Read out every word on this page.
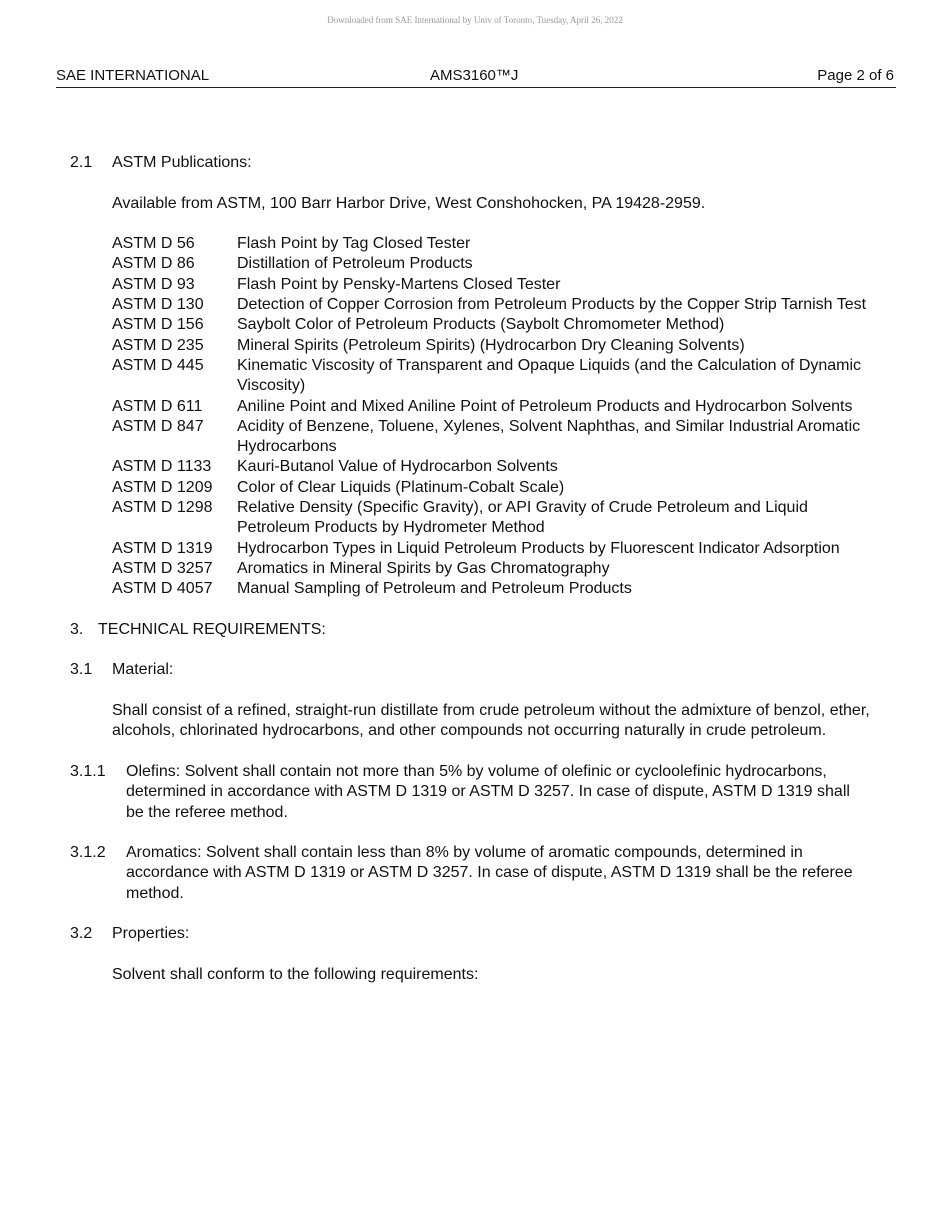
Downloaded from SAE International by Univ of Toronto, Tuesday, April 26, 2022
SAE INTERNATIONAL	AMS3160™J	Page 2 of 6
2.1	ASTM Publications:
Available from ASTM, 100 Barr Harbor Drive, West Conshohocken, PA 19428-2959.
ASTM D 56	Flash Point by Tag Closed Tester
ASTM D 86	Distillation of Petroleum Products
ASTM D 93	Flash Point by Pensky-Martens Closed Tester
ASTM D 130	Detection of Copper Corrosion from Petroleum Products by the Copper Strip Tarnish Test
ASTM D 156	Saybolt Color of Petroleum Products (Saybolt Chromometer Method)
ASTM D 235	Mineral Spirits (Petroleum Spirits) (Hydrocarbon Dry Cleaning Solvents)
ASTM D 445	Kinematic Viscosity of Transparent and Opaque Liquids (and the Calculation of Dynamic Viscosity)
ASTM D 611	Aniline Point and Mixed Aniline Point of Petroleum Products and Hydrocarbon Solvents
ASTM D 847	Acidity of Benzene, Toluene, Xylenes, Solvent Naphthas, and Similar Industrial Aromatic Hydrocarbons
ASTM D 1133	Kauri-Butanol Value of Hydrocarbon Solvents
ASTM D 1209	Color of Clear Liquids (Platinum-Cobalt Scale)
ASTM D 1298	Relative Density (Specific Gravity), or API Gravity of Crude Petroleum and Liquid Petroleum Products by Hydrometer Method
ASTM D 1319	Hydrocarbon Types in Liquid Petroleum Products by Fluorescent Indicator Adsorption
ASTM D 3257	Aromatics in Mineral Spirits by Gas Chromatography
ASTM D 4057	Manual Sampling of Petroleum and Petroleum Products
3. TECHNICAL REQUIREMENTS:
3.1	Material:
Shall consist of a refined, straight-run distillate from crude petroleum without the admixture of benzol, ether, alcohols, chlorinated hydrocarbons, and other compounds not occurring naturally in crude petroleum.
3.1.1	Olefins: Solvent shall contain not more than 5% by volume of olefinic or cycloolefinic hydrocarbons, determined in accordance with ASTM D 1319 or ASTM D 3257. In case of dispute, ASTM D 1319 shall be the referee method.
3.1.2	Aromatics: Solvent shall contain less than 8% by volume of aromatic compounds, determined in accordance with ASTM D 1319 or ASTM D 3257. In case of dispute, ASTM D 1319 shall be the referee method.
3.2	Properties:
Solvent shall conform to the following requirements:
